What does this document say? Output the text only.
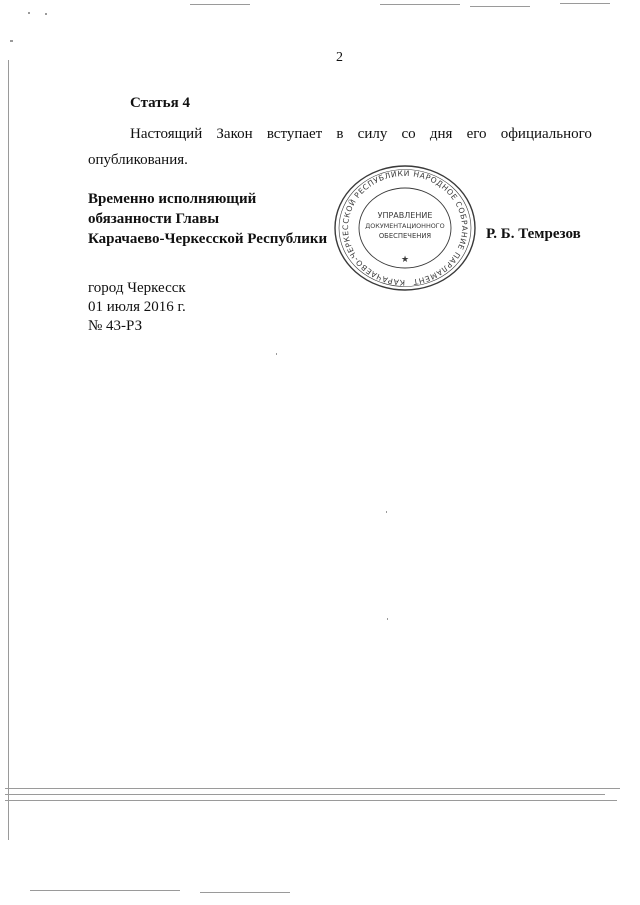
2
Статья 4
Настоящий Закон вступает в силу со дня его официального
опубликования.
Временно исполняющий
обязанности Главы
Карачаево-Черкесской Республики	Р. Б. Темрезов
КАРАЧАЕВО-ЧЕРКЕССКОЙ РЕСПУБЛИКИ НАРОДНОЕ СОБРАНИЕ ПАРЛАМЕНТ
УПРАВЛЕНИЕ
ДОКУМЕНТАЦИОННОГО
ОБЕСПЕЧЕНИЯ
★
город Черкесск
01 июля 2016 г.
№ 43-РЗ
